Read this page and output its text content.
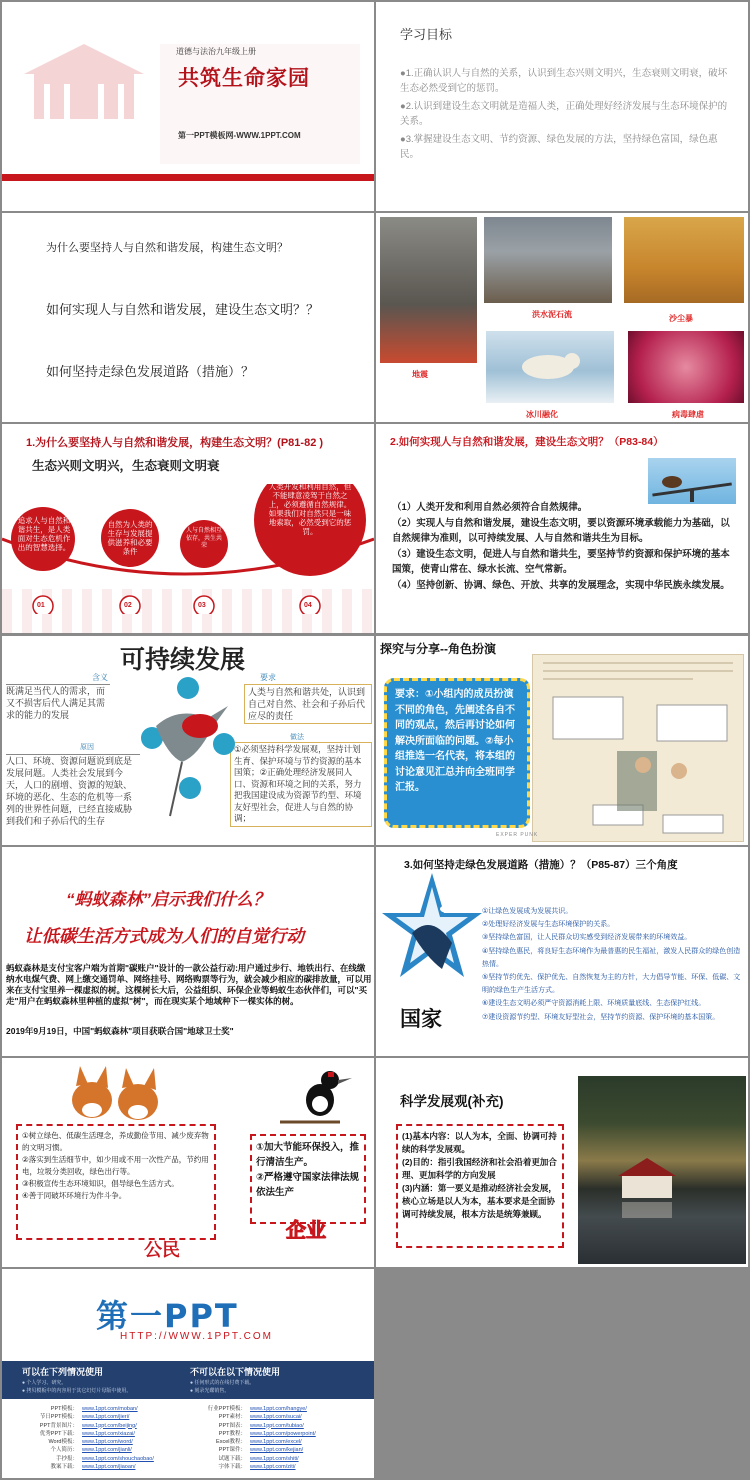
道德与法治九年级上册
共筑生命家园
第一PPT模板网-WWW.1PPT.COM
学习目标
●1.正确认识人与自然的关系，认识到生态兴则文明兴，生态衰则文明衰，破坏生态必然受到它的惩罚。
●2.认识到建设生态文明就是造福人类，正确处理好经济发展与生态环境保护的关系。
●3.掌握建设生态文明、节约资源、绿色发展的方法，坚持绿色富国，绿色惠民。
为什么要坚持人与自然和谐发展，构建生态文明？
如何实现人与自然和谐发展，建设生态文明？？
如何坚持走绿色发展道路（措施）？
洪水泥石流	沙尘暴
地震
冰川融化	病毒肆虐
1.为什么要坚持人与自然和谐发展，构建生态文明？(P81-82 )
生态兴则文明兴，生态衰则文明衰
追求人与自然和谐共生，是人类面对生态危机作出的智慧选择。
自然为人类的生存与发展提供滋养和必要条件
人与自然相互依存，共生共荣
人类开发和利用自然，但不能肆意凌驾于自然之上，必须遵循自然规律。如果我们对自然只是一味地索取，必然受到它的惩罚。
01	02	03	04
2.如何实现人与自然和谐发展，建设生态文明？（P83-84）
（1）人类开发和利用自然必须符合自然规律。
（2）实现人与自然和谐发展，建设生态文明，要以资源环境承载能力为基础，以自然规律为准则，以可持续发展、人与自然和谐共生为目标。
（3）建设生态文明，促进人与自然和谐共生，要坚持节约资源和保护环境的基本国策，使青山常在、绿水长流、空气常新。
（4）坚持创新、协调、绿色、开放、共享的发展理念，实现中华民族永续发展。
可持续发展
含义	要求
原因
做法
既满足当代人的需求，而又不损害后代人满足其需求的能力的发展
人类与自然和谐共处，认识到自己对自然、社会和子孙后代应尽的责任
人口、环境、资源问题说到底是发展问题。人类社会发展到今天，人口的剧增、资源的短缺、环境的恶化、生态的危机等一系列的世界性问题，已经直接威胁到我们和子孙后代的生存
①必须坚持科学发展观，坚持计划生育、保护环境与节约资源的基本国策；②正确处理经济发展同人口、资源和环境之间的关系，努力把我国建设成为资源节约型、环境友好型社会，促进人与自然的协调；
探究与分享--角色扮演
要求：①小组内的成员扮演不同的角色，先阐述各自不同的观点，然后再讨论如何解决所面临的问题。②每小组推选一名代表，将本组的讨论意见汇总并向全班同学汇报。
EXPER PUNK
“蚂蚁森林”启示我们什么？
让低碳生活方式成为人们的自觉行动
蚂蚁森林是支付宝客户端为首期"碳账户"设计的一款公益行动:用户通过步行、地铁出行、在线缴纳水电煤气费、网上缴交通罚单、网络挂号、网络购票等行为，就会减少相应的碳排放量，可以用来在支付宝里养一棵虚拟的树。这棵树长大后，公益组织、环保企业等蚂蚁生态伙伴们，可以"买走"用户在蚂蚁森林里种植的虚拟"树"，而在现实某个地域种下一棵实体的树。
2019年9月19日，中国"蚂蚁森林"项目获联合国"地球卫士奖"
3.如何坚持走绿色发展道路（措施）？（P85-87）三个角度
国家
①让绿色发展成为发展共识。
②处理好经济发展与生态环境保护的关系。
③坚持绿色富国，让人民群众切实感受到经济发展带来的环境效益。
④坚持绿色惠民，将良好生态环境作为最普惠的民生福祉，激发人民群众的绿色创造热情。
⑤坚持节约优先、保护优先、自然恢复为主的方针，大力倡导节能、环保、低碳、文明的绿色生产生活方式。
⑥建设生态文明必须严守资源消耗上限、环境质量底线、生态保护红线。
⑦建设资源节约型、环境友好型社会，坚持节约资源、保护环境的基本国策。
①树立绿色、低碳生活理念，养成勤俭节用、减少废弃物的文明习惯。
②落实到生活细节中，如少用或不用一次性产品，节约用电，垃圾分类回收，绿色出行等。
③积极宣传生态环境知识，倡导绿色生活方式。
④善于同破坏环境行为作斗争。
公民
①加大节能环保投入，推行清洁生产。
②严格遵守国家法律法规依法生产
企业
科学发展观(补充)
(1)基本内容：以人为本，全面、协调可持续的科学发展观。
(2)目的：指引我国经济和社会沿着更加合理、更加科学的方向发展
(3)内涵：第一要义是推动经济社会发展，核心立场是以人为本，基本要求是全面协调可持续发展，根本方法是统筹兼顾。
第一PPT
HTTP://WWW.1PPT.COM
可以在下列情况使用
● 个人学习、研究。
● 拷贝模板中的内容用于其它幻灯片母版中使用。
不可以在以下情况使用
● 任何形式的在线付费下载。
● 刻录光碟销售。
PPT模板： www.1ppt.com/moban/
节日PPT模板： www.1ppt.com/jieri/
PPT背景图片： www.1ppt.com/beijing/
优秀PPT下载： www.1ppt.com/xiazai/
Word模板： www.1ppt.com/word/
个人简历： www.1ppt.com/jianli/
手抄报： www.1ppt.com/shouchaobao/
教案下载： www.1ppt.com/jiaoan/
行业PPT模板： www.1ppt.com/hangye/
PPT素材： www.1ppt.com/sucai/
PPT图表： www.1ppt.com/tubiao/
PPT教程： www.1ppt.com/powerpoint/
Excel教程： www.1ppt.com/excel/
PPT课件： www.1ppt.com/kejian/
试题下载： www.1ppt.com/shiti/
字体下载： www.1ppt.com/ziti/
